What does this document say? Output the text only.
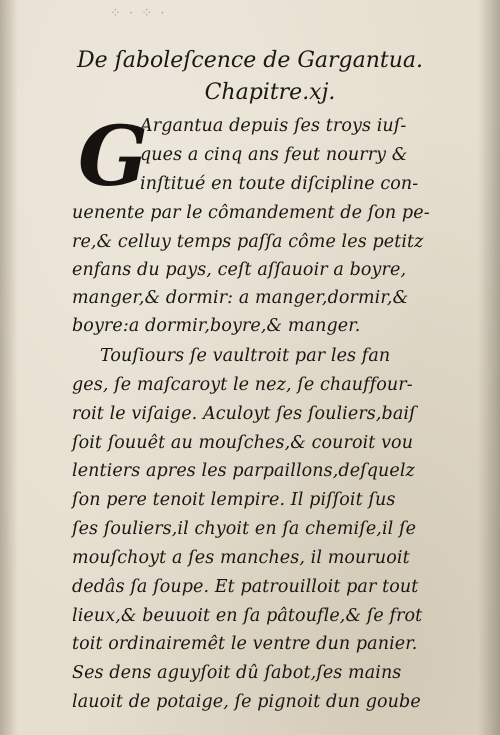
⁘ · ⁘ ·
De ſaboleſcence de Gargantua.
Chapitre.xj.
G
Argantua depuis ſes troys iuſ-
ques a cinq ans feut nourry &
inſtitué en toute diſcipline con-
uenente par le cômandement de ſon pe-
re,& celluy temps paſſa côme les petitz
enfans du pays, ceſt aſſauoir a boyre,
manger,& dormir: a manger,dormir,&
boyre:a dormir,boyre,& manger.
Touſiours ſe vaultroit par les fan
ges, ſe maſcaroyt le nez, ſe chauffour-
roit le viſaige. Aculoyt ſes ſouliers,baiſ
ſoit ſouuêt au mouſches,& couroit vou
lentiers apres les parpaillons,deſquelz
ſon pere tenoit lempire. Il piſſoit ſus
ſes ſouliers,il chyoit en ſa chemiſe,il ſe
mouſchoyt a ſes manches, il mouruoit
dedâs ſa ſoupe. Et patrouilloit par tout
lieux,& beuuoit en ſa pâtoufle,& ſe frot
toit ordinairemêt le ventre dun panier.
Ses dens aguyſoit dû ſabot,ſes mains
lauoit de potaige, ſe pignoit dun goube
